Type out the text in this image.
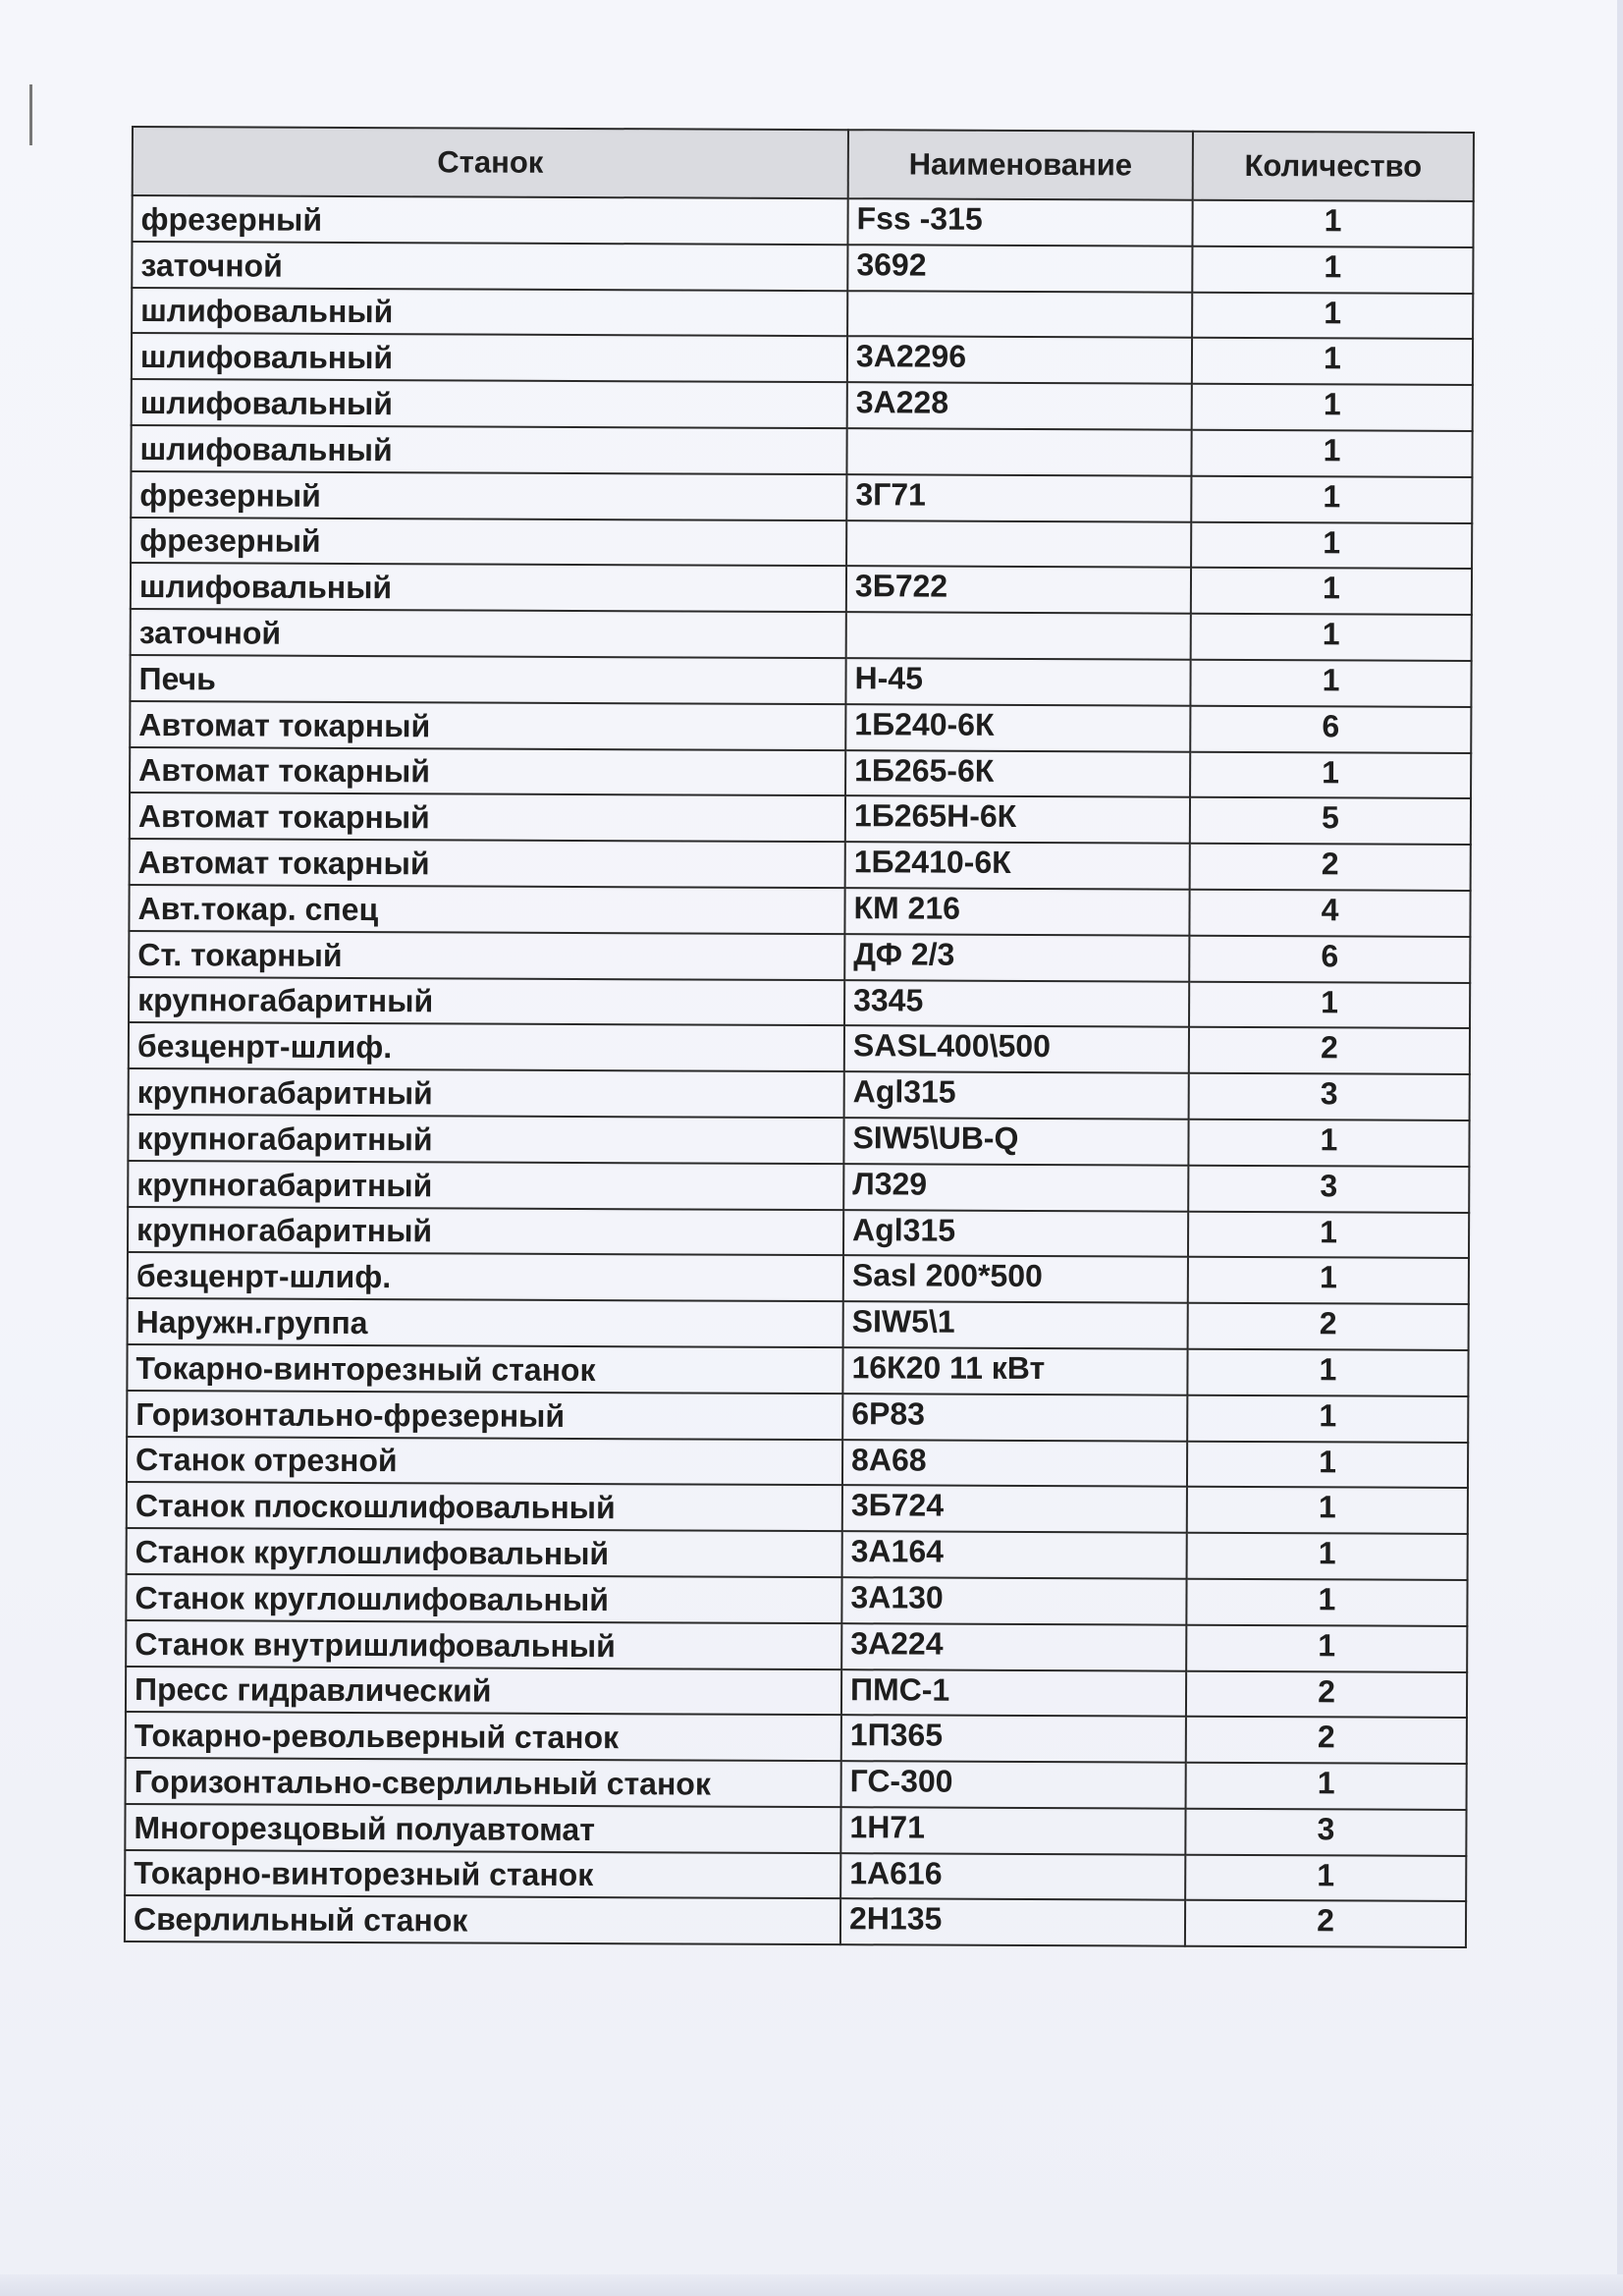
Станок	Наименование	Количество
фрезерный	Fss -315	1
заточной	3692	1
шлифовальный		1
шлифовальный	3А2296	1
шлифовальный	3А228	1
шлифовальный		1
фрезерный	3Г71	1
фрезерный		1
шлифовальный	3Б722	1
заточной		1
Печь	Н-45	1
Автомат токарный	1Б240-6К	6
Автомат токарный	1Б265-6К	1
Автомат токарный	1Б265Н-6К	5
Автомат токарный	1Б2410-6К	2
Авт.токар. спец	КМ 216	4
Ст. токарный	ДФ 2/3	6
крупногабаритный	3345	1
безценрт-шлиф.	SASL400\500	2
крупногабаритный	Agl315	3
крупногабаритный	SIW5\UB-Q	1
крупногабаритный	Л329	3
крупногабаритный	Agl315	1
безценрт-шлиф.	Sasl 200*500	1
Наружн.группа	SIW5\1	2
Токарно-винторезный станок	16К20 11 кВт	1
Горизонтально-фрезерный	6Р83	1
Станок отрезной	8А68	1
Станок плоскошлифовальный	3Б724	1
Станок круглошлифовальный	3А164	1
Станок круглошлифовальный	3А130	1
Станок внутришлифовальный	3А224	1
Пресс гидравлический	ПМС-1	2
Токарно-револьверный станок	1П365	2
Горизонтально-сверлильный станок	ГС-300	1
Многорезцовый полуавтомат	1Н71	3
Токарно-винторезный станок	1А616	1
Сверлильный станок	2Н135	2
